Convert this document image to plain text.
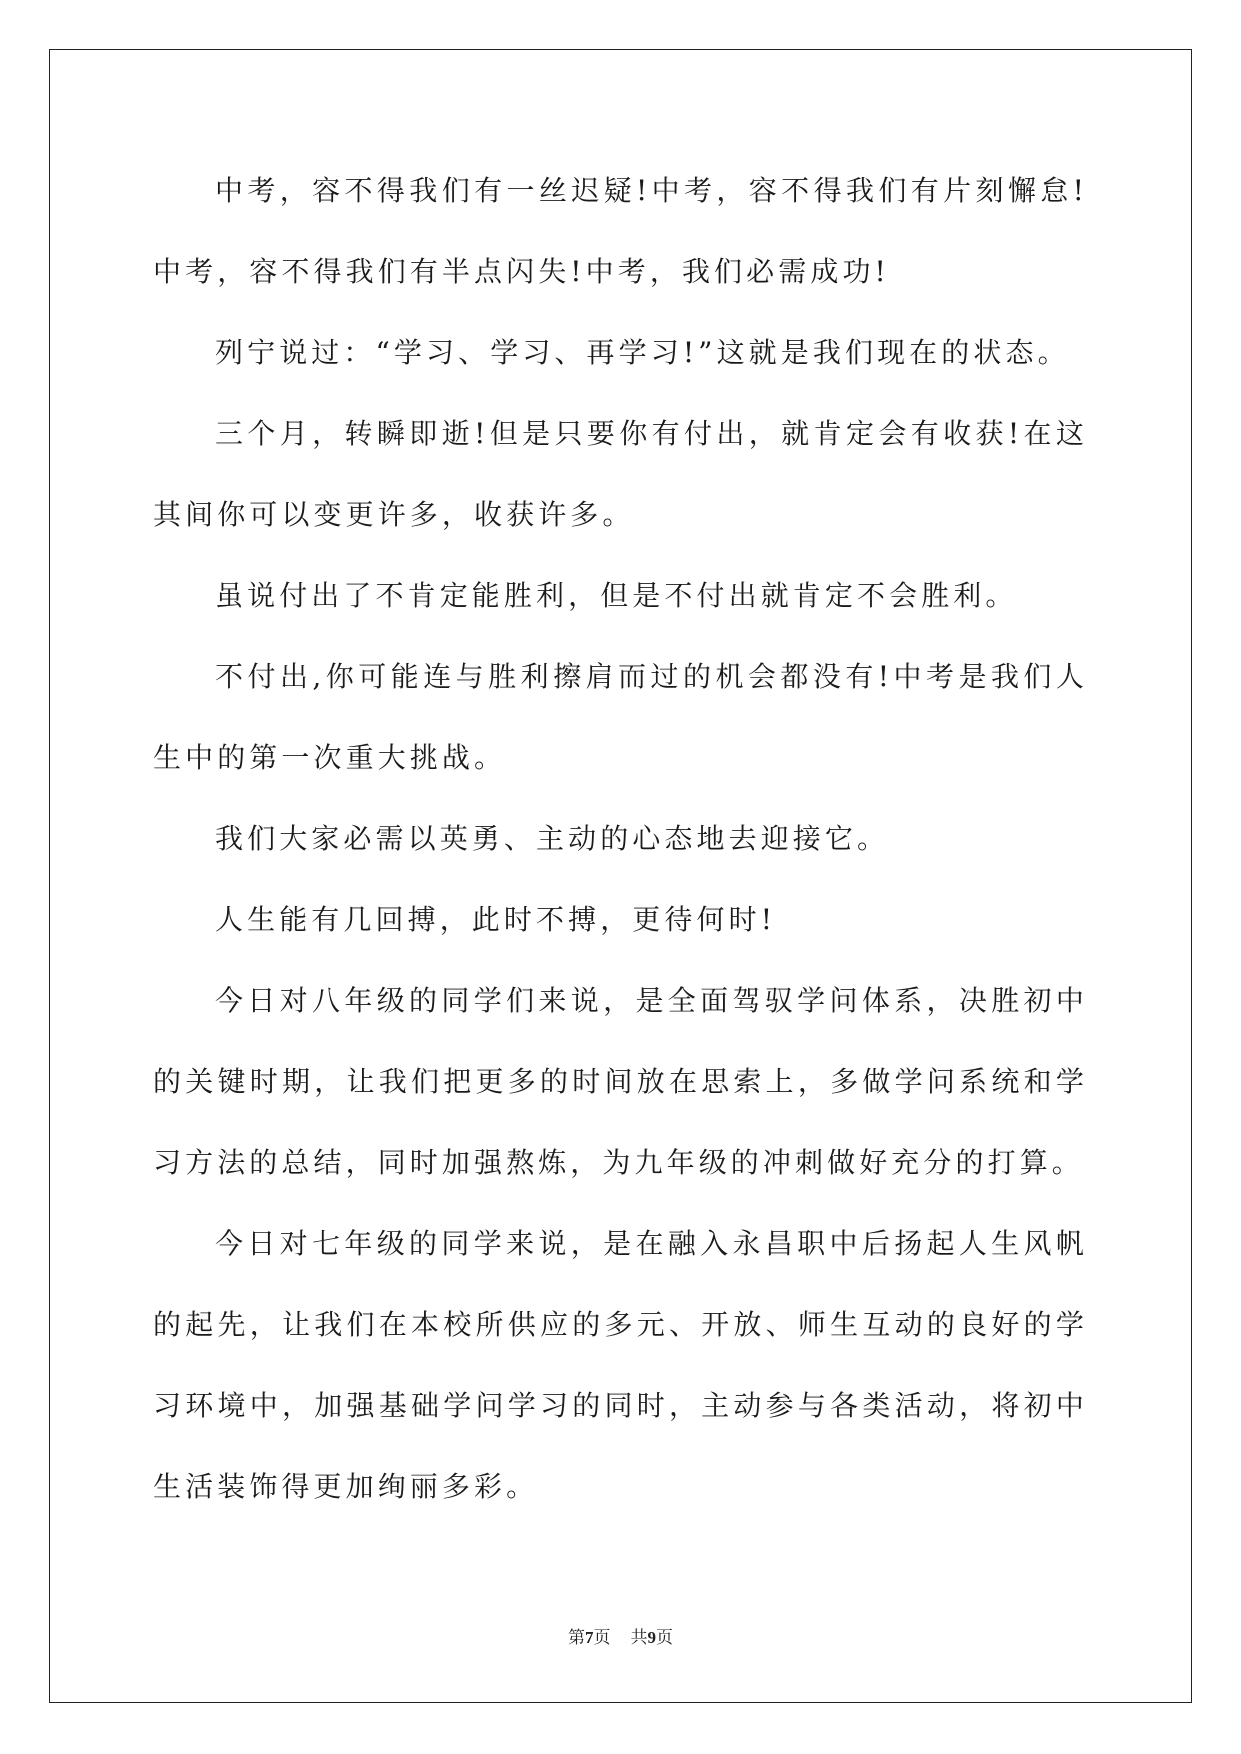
中考，容不得我们有一丝迟疑!中考，容不得我们有片刻懈怠!中考，容不得我们有半点闪失!中考，我们必需成功!

列宁说过：“学习、学习、再学习!”这就是我们现在的状态。

三个月，转瞬即逝!但是只要你有付出，就肯定会有收获!在这其间你可以变更许多，收获许多。

虽说付出了不肯定能胜利，但是不付出就肯定不会胜利。

不付出,你可能连与胜利擦肩而过的机会都没有!中考是我们人生中的第一次重大挑战。

我们大家必需以英勇、主动的心态地去迎接它。

人生能有几回搏，此时不搏，更待何时!

今日对八年级的同学们来说，是全面驾驭学问体系，决胜初中的关键时期，让我们把更多的时间放在思索上，多做学问系统和学习方法的总结，同时加强熬炼，为九年级的冲刺做好充分的打算。

今日对七年级的同学来说，是在融入永昌职中后扬起人生风帆的起先，让我们在本校所供应的多元、开放、师生互动的良好的学习环境中，加强基础学问学习的同时，主动参与各类活动，将初中生活装饰得更加绚丽多彩。

第7页 共9页
